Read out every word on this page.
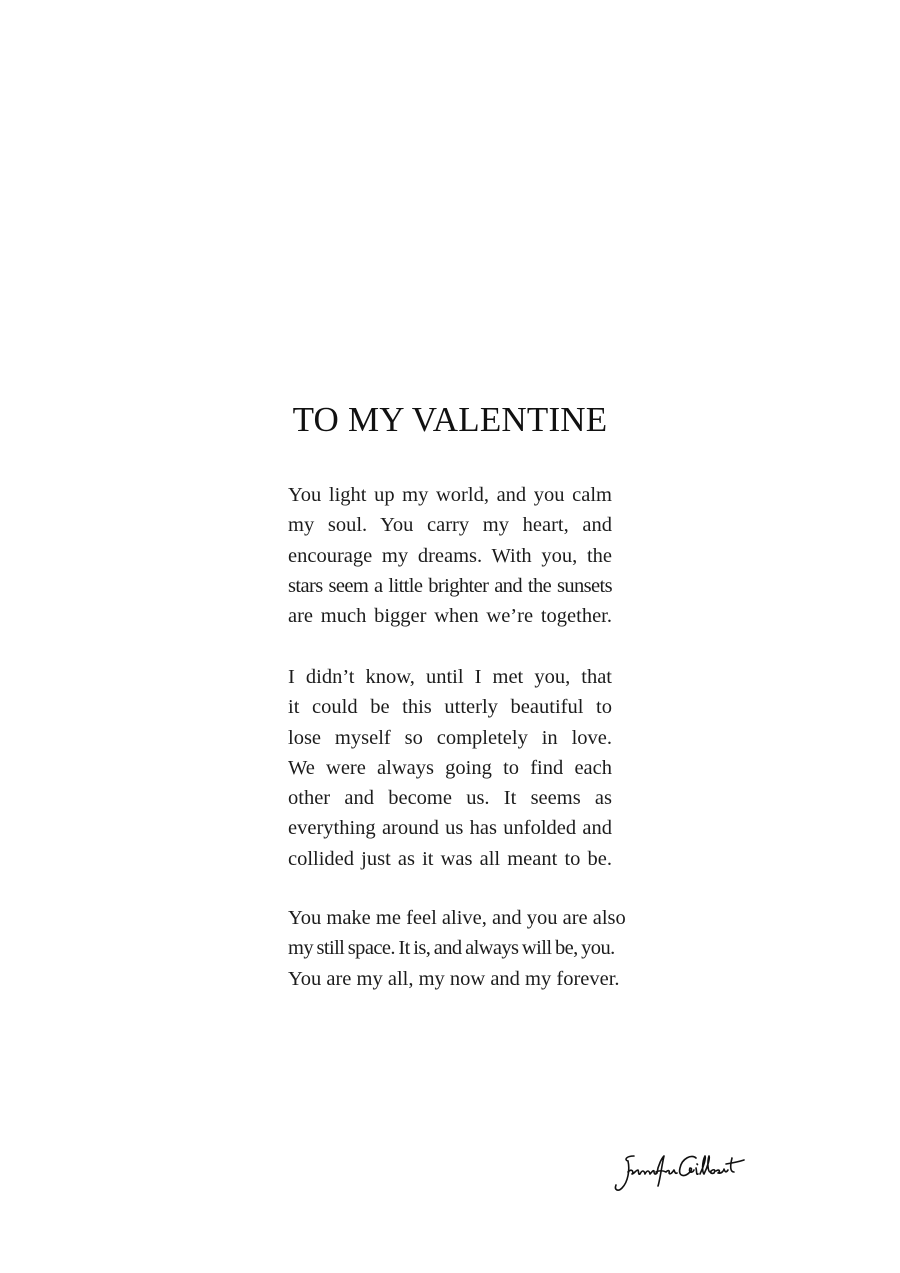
TO MY VALENTINE
You light up my world, and you calm
my soul. You carry my heart, and
encourage my dreams. With you, the
stars seem a little brighter and the sunsets
are much bigger when we’re together.
I didn’t know, until I met you, that
it could be this utterly beautiful to
lose myself so completely in love.
We were always going to find each
other and become us. It seems as
everything around us has unfolded and
collided just as it was all meant to be.
You make me feel alive, and you are also
my still space. It is, and always will be, you.
You are my all, my now and my forever.
